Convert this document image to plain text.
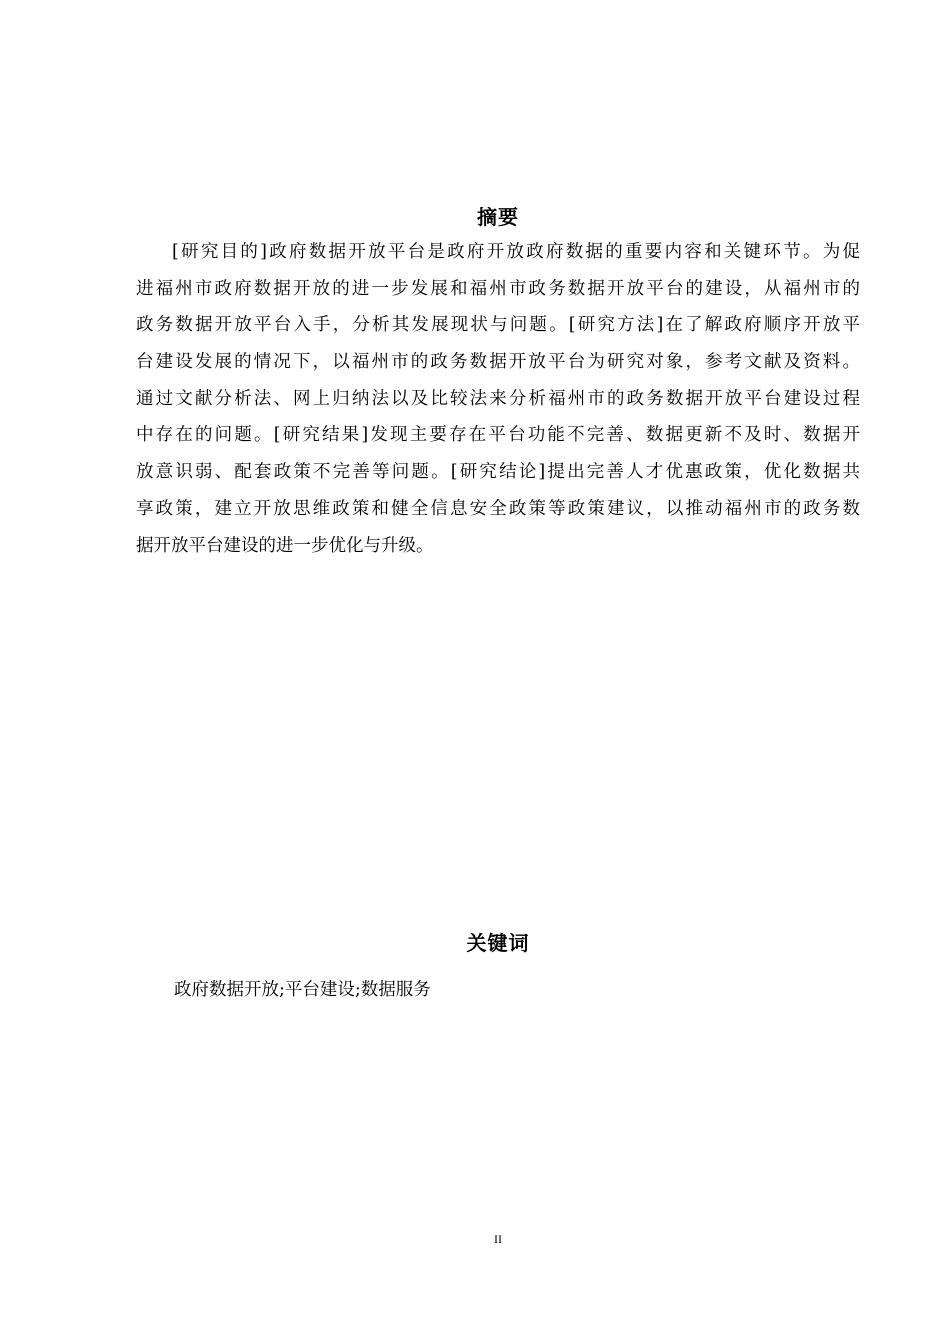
摘要
[研究目的]政府数据开放平台是政府开放政府数据的重要内容和关键环节。为促
进福州市政府数据开放的进一步发展和福州市政务数据开放平台的建设，从福州市的
政务数据开放平台入手，分析其发展现状与问题。[研究方法]在了解政府顺序开放平
台建设发展的情况下，以福州市的政务数据开放平台为研究对象，参考文献及资料。
通过文献分析法、网上归纳法以及比较法来分析福州市的政务数据开放平台建设过程
中存在的问题。[研究结果]发现主要存在平台功能不完善、数据更新不及时、数据开
放意识弱、配套政策不完善等问题。[研究结论]提出完善人才优惠政策，优化数据共
享政策，建立开放思维政策和健全信息安全政策等政策建议，以推动福州市的政务数
据开放平台建设的进一步优化与升级。
关键词
政府数据开放;平台建设;数据服务
II
